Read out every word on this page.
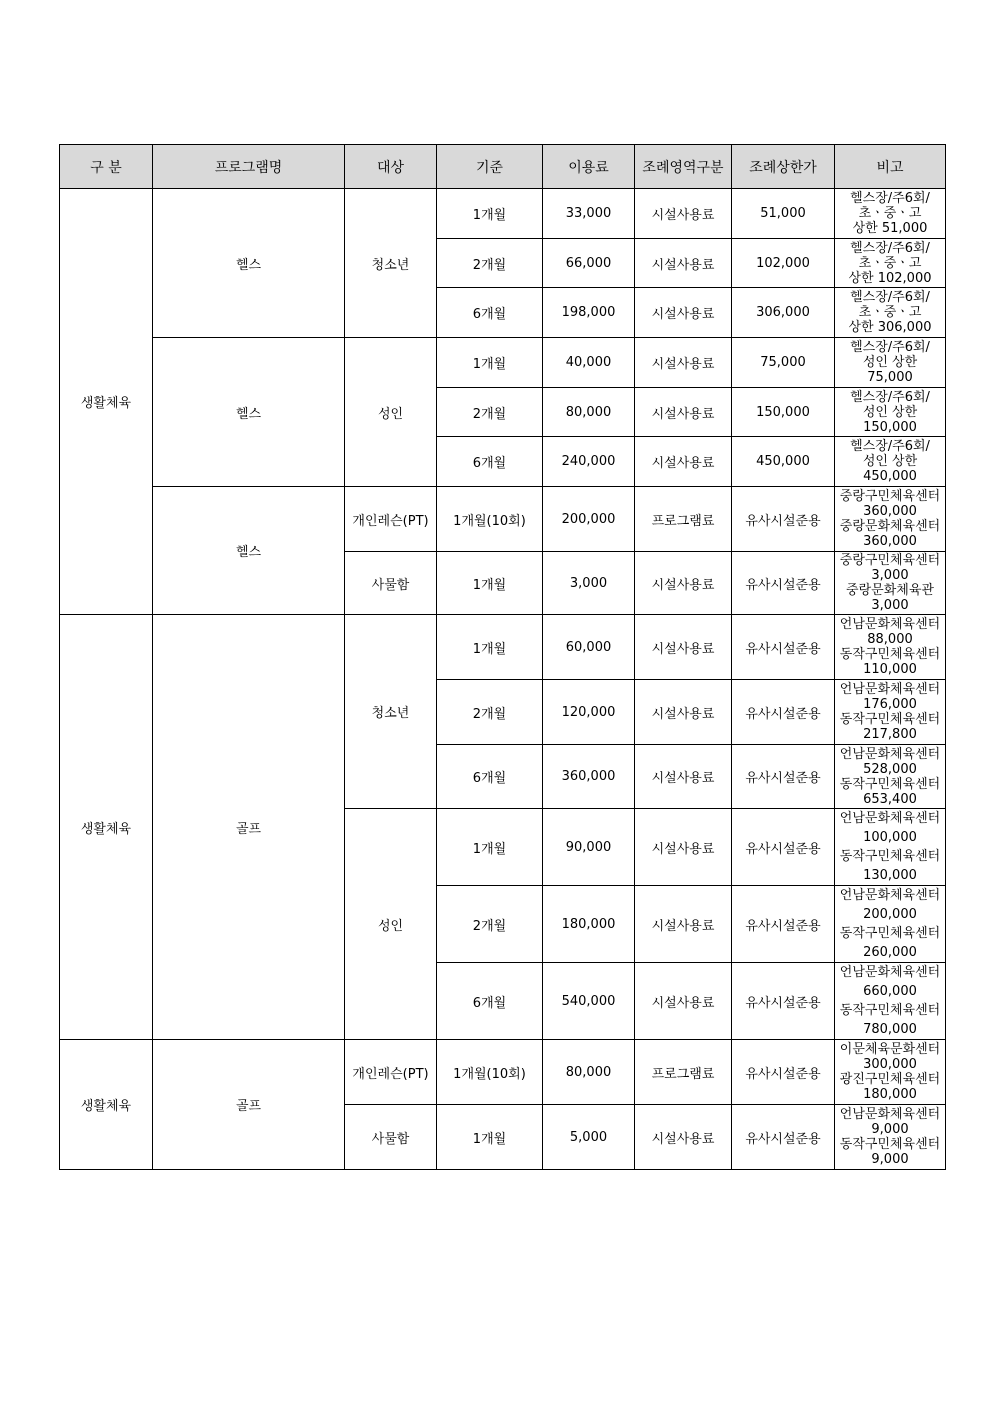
구 분	프로그램명	대상	기준	이용료	조례영역구분	조례상한가	비고
생활체육	헬스	청소년	1개월	33,000	시설사용료	51,000	헬스장/주6회/
초ㆍ중ㆍ고
상한 51,000

			2개월	66,000	시설사용료	102,000	헬스장/주6회/
초ㆍ중ㆍ고
상한 102,000

			6개월	198,000	시설사용료	306,000	헬스장/주6회/
초ㆍ중ㆍ고
상한 306,000

	헬스	성인	1개월	40,000	시설사용료	75,000	헬스장/주6회/
성인 상한
75,000

			2개월	80,000	시설사용료	150,000	헬스장/주6회/
성인 상한
150,000

			6개월	240,000	시설사용료	450,000	헬스장/주6회/
성인 상한
450,000

	헬스	개인레슨(PT)	1개월(10회)	200,000	프로그램료	유사시설준용	중랑구민체육센터
360,000
중랑문화체육센터
360,000

		사물함	1개월	3,000	시설사용료	유사시설준용	중랑구민체육센터
3,000
중랑문화체육관
3,000

생활체육	골프	청소년	1개월	60,000	시설사용료	유사시설준용	언남문화체육센터
88,000
동작구민체육센터
110,000

			2개월	120,000	시설사용료	유사시설준용	언남문화체육센터
176,000
동작구민체육센터
217,800

			6개월	360,000	시설사용료	유사시설준용	언남문화체육센터
528,000
동작구민체육센터
653,400

		성인	1개월	90,000	시설사용료	유사시설준용	언남문화체육센터
100,000
동작구민체육센터
130,000

			2개월	180,000	시설사용료	유사시설준용	언남문화체육센터
200,000
동작구민체육센터
260,000

			6개월	540,000	시설사용료	유사시설준용	언남문화체육센터
660,000
동작구민체육센터
780,000

생활체육	골프	개인레슨(PT)	1개월(10회)	80,000	프로그램료	유사시설준용	이문체육문화센터
300,000
광진구민체육센터
180,000

		사물함	1개월	5,000	시설사용료	유사시설준용	언남문화체육센터
9,000
동작구민체육센터
9,000
